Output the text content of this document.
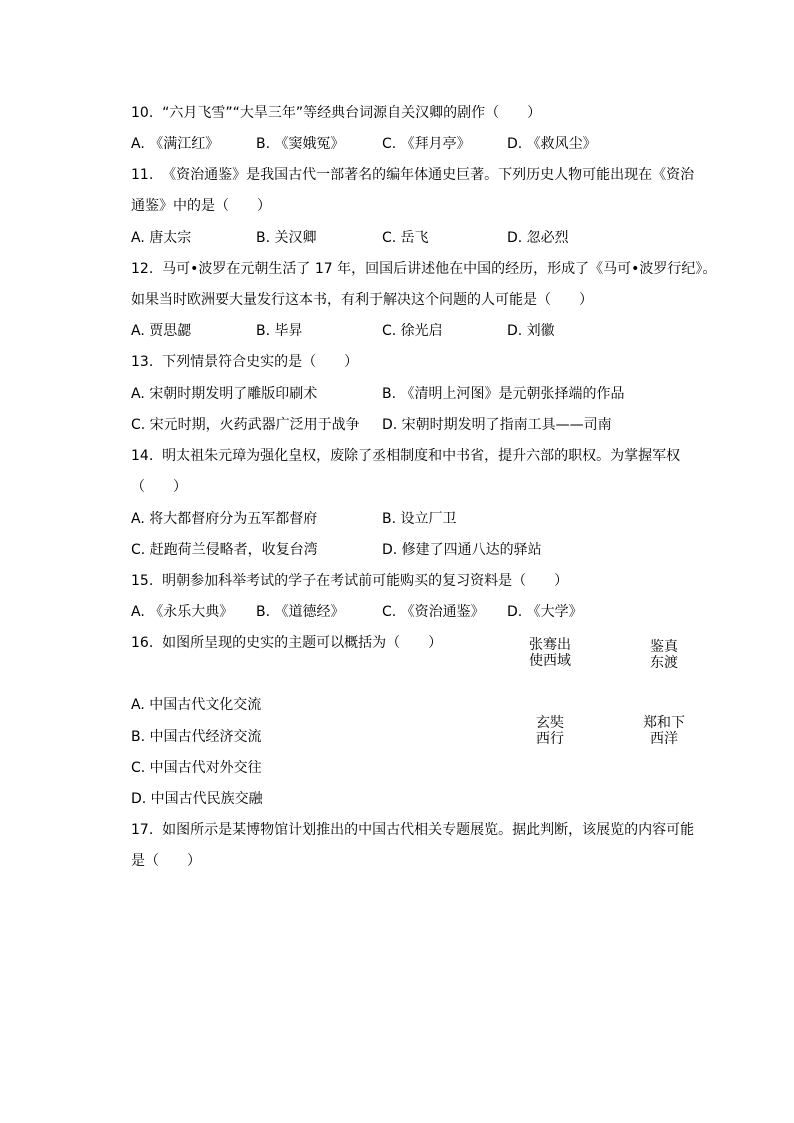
10.  “六月飞雪”“大旱三年”等经典台词源自关汉卿的剧作（　　）
A. 《满江红》	B. 《窦娥冤》	C. 《拜月亭》	D. 《救风尘》
11.  《资治通鉴》是我国古代一部著名的编年体通史巨著。下列历史人物可能出现在《资治
通鉴》中的是（　　）
A. 唐太宗	B. 关汉卿	C. 岳飞	D. 忽必烈
12.  马可•波罗在元朝生活了 17 年，回国后讲述他在中国的经历，形成了《马可•波罗行纪》。
如果当时欧洲要大量发行这本书，有利于解决这个问题的人可能是（　　）
A. 贾思勰	B. 毕昇	C. 徐光启	D. 刘徽
13.  下列情景符合史实的是（　　）
A. 宋朝时期发明了雕版印刷术	B. 《清明上河图》是元朝张择端的作品
C. 宋元时期，火药武器广泛用于战争 D. 宋朝时期发明了指南工具——司南
14.  明太祖朱元璋为强化皇权，废除了丞相制度和中书省，提升六部的职权。为掌握军权
（　　）
A. 将大都督府分为五军都督府	B. 设立厂卫
C. 赶跑荷兰侵略者，收复台湾	D. 修建了四通八达的驿站
15.  明朝参加科举考试的学子在考试前可能购买的复习资料是（　　）
A. 《永乐大典》 B. 《道德经》	C. 《资治通鉴》 D. 《大学》
16.  如图所呈现的史实的主题可以概括为（　　）	张骞出
使西域
鉴真
东渡
玄奘
西行
郑和下
西洋
A. 中国古代文化交流
B. 中国古代经济交流
C. 中国古代对外交往
D. 中国古代民族交融
17.  如图所示是某博物馆计划推出的中国古代相关专题展览。据此判断，该展览的内容可能
是（　　）
